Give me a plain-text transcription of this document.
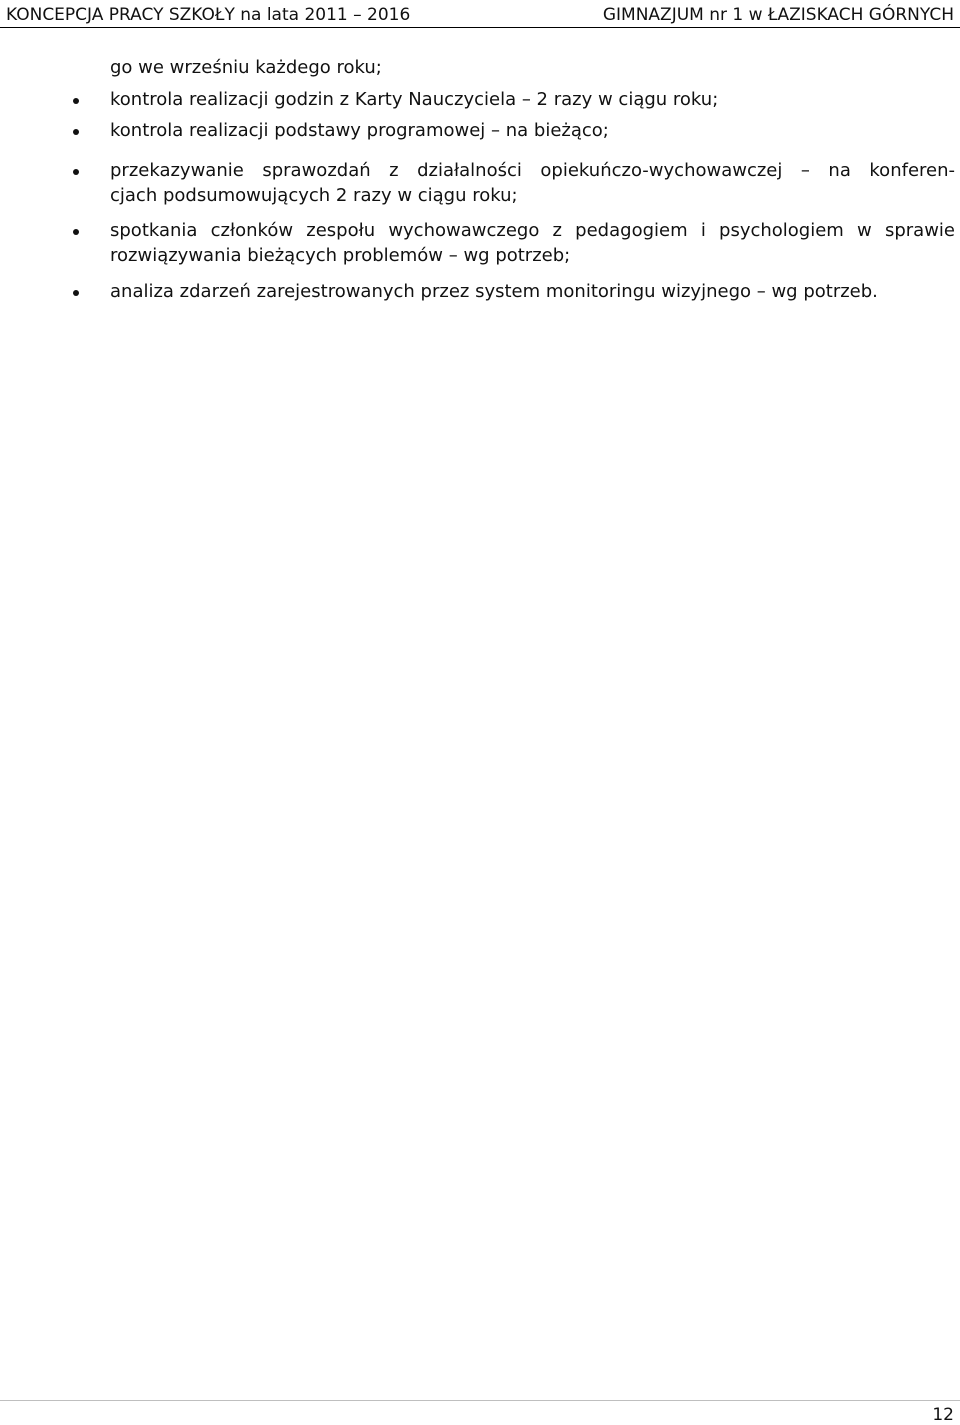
KONCEPCJA PRACY SZKOŁY na lata 2011 – 2016	GIMNAZJUM nr 1 w ŁAZISKACH GÓRNYCH
go we wrześniu każdego roku;
kontrola realizacji godzin z Karty Nauczyciela – 2 razy w ciągu roku;
kontrola realizacji podstawy programowej – na bieżąco;
przekazywanie sprawozdań z działalności opiekuńczo-wychowawczej – na konferen-
cjach podsumowujących 2 razy w ciągu roku;
spotkania członków zespołu wychowawczego z pedagogiem i psychologiem w sprawie
rozwiązywania bieżących problemów – wg potrzeb;
analiza zdarzeń zarejestrowanych przez system monitoringu wizyjnego – wg potrzeb.
12
